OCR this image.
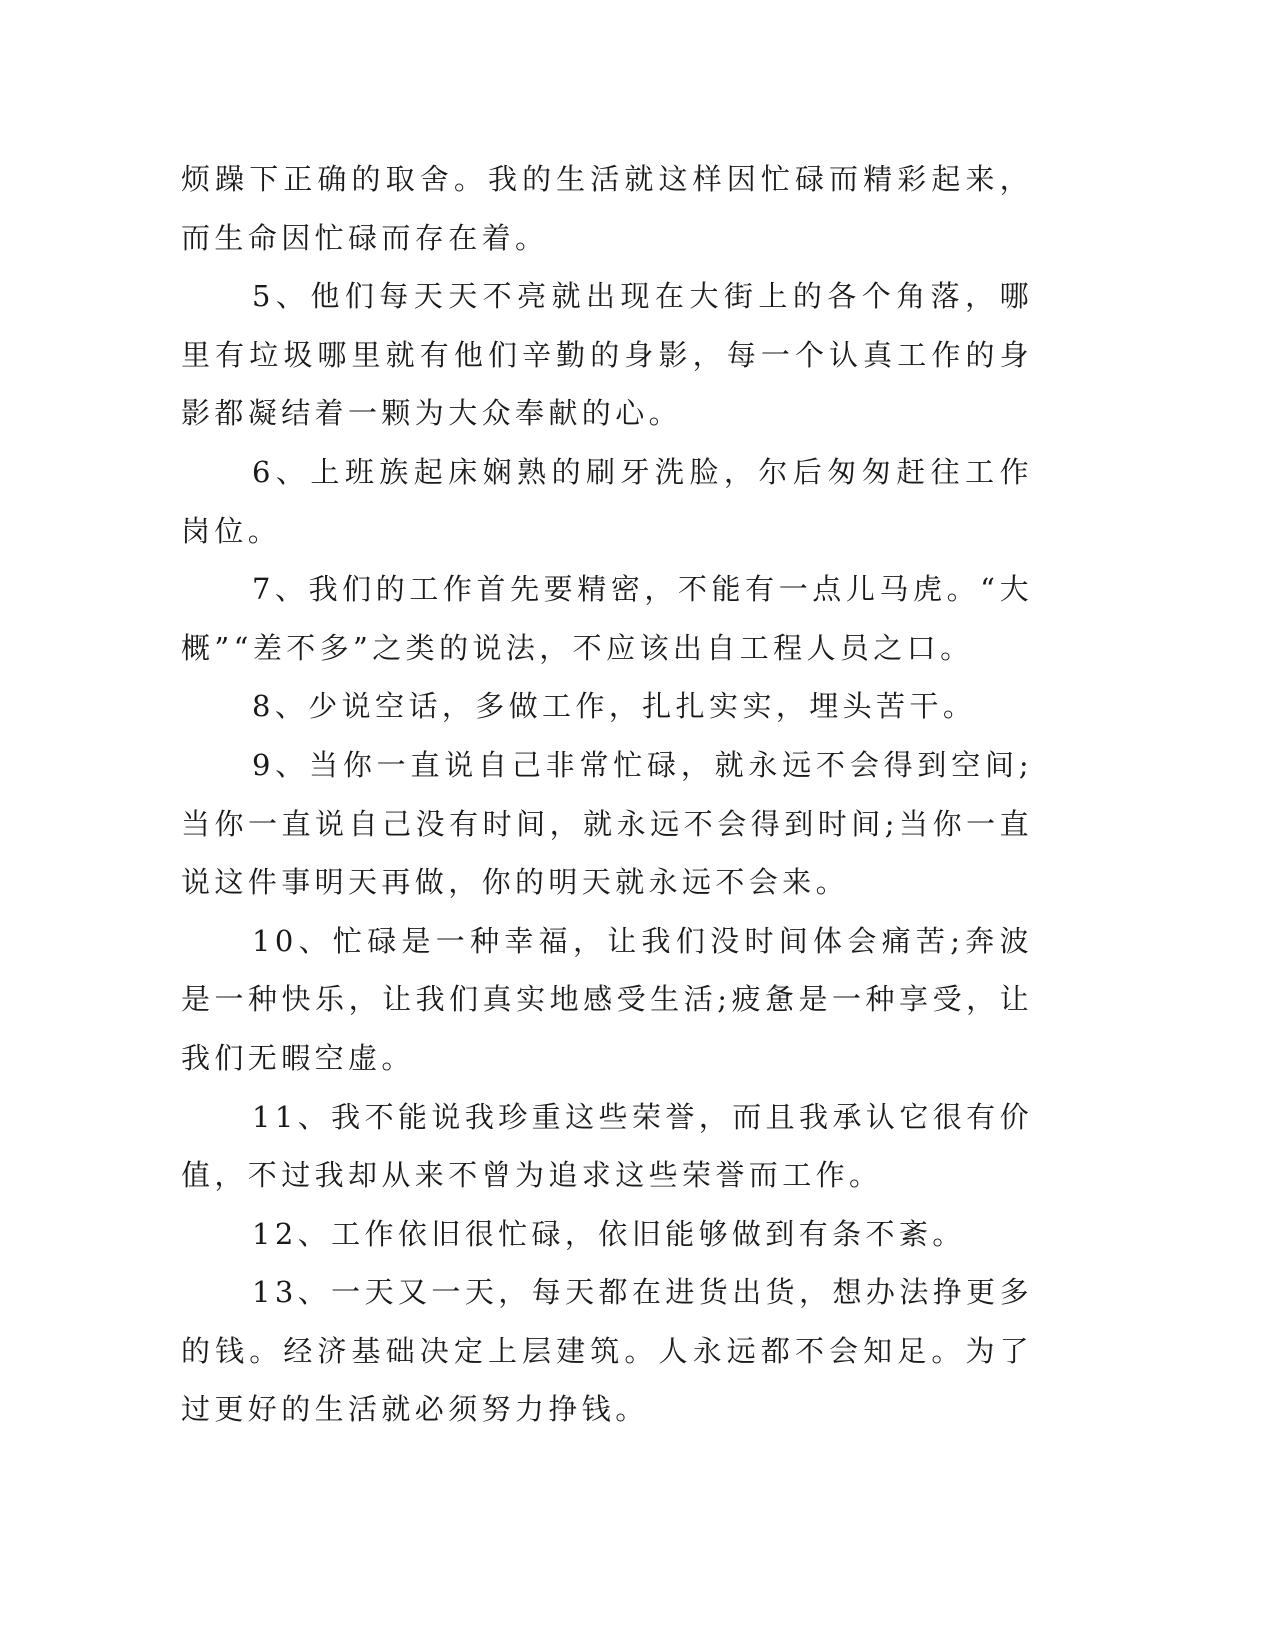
烦躁下正确的取舍。我的生活就这样因忙碌而精彩起来，而生命因忙碌而存在着。

5、他们每天天不亮就出现在大街上的各个角落，哪里有垃圾哪里就有他们辛勤的身影，每一个认真工作的身影都凝结着一颗为大众奉献的心。

6、上班族起床娴熟的刷牙洗脸，尔后匆匆赶往工作岗位。

7、我们的工作首先要精密，不能有一点儿马虎。“大概”“差不多”之类的说法，不应该出自工程人员之口。

8、少说空话，多做工作，扎扎实实，埋头苦干。

9、当你一直说自己非常忙碌，就永远不会得到空间;当你一直说自己没有时间，就永远不会得到时间;当你一直说这件事明天再做，你的明天就永远不会来。

10、忙碌是一种幸福，让我们没时间体会痛苦;奔波是一种快乐，让我们真实地感受生活;疲惫是一种享受，让我们无暇空虚。

11、我不能说我珍重这些荣誉，而且我承认它很有价值，不过我却从来不曾为追求这些荣誉而工作。

12、工作依旧很忙碌，依旧能够做到有条不紊。

13、一天又一天，每天都在进货出货，想办法挣更多的钱。经济基础决定上层建筑。人永远都不会知足。为了过更好的生活就必须努力挣钱。
